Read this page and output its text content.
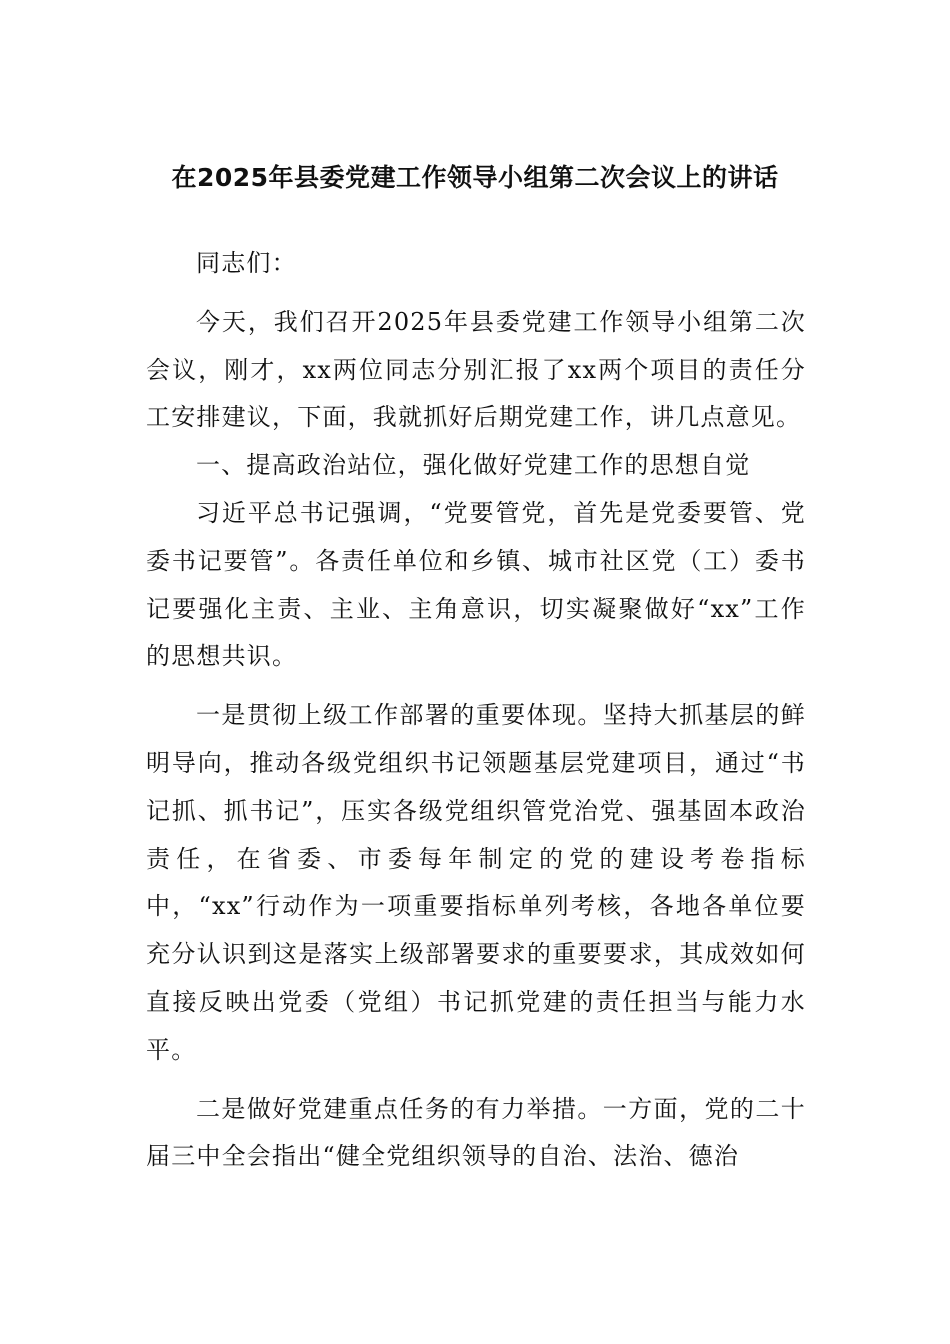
在2025年县委党建工作领导小组第二次会议上的讲话

同志们：

今天，我们召开2025年县委党建工作领导小组第二次会议，刚才，xx两位同志分别汇报了xx两个项目的责任分工安排建议，下面，我就抓好后期党建工作，讲几点意见。

一、提高政治站位，强化做好党建工作的思想自觉

习近平总书记强调，“党要管党，首先是党委要管、党委书记要管”。各责任单位和乡镇、城市社区党（工）委书记要强化主责、主业、主角意识，切实凝聚做好“xx”工作的思想共识。

一是贯彻上级工作部署的重要体现。坚持大抓基层的鲜明导向，推动各级党组织书记领题基层党建项目，通过“书记抓、抓书记”，压实各级党组织管党治党、强基固本政治责任，在省委、市委每年制定的党的建设考卷指标中，“xx”行动作为一项重要指标单列考核，各地各单位要充分认识到这是落实上级部署要求的重要要求，其成效如何直接反映出党委（党组）书记抓党建的责任担当与能力水平。

二是做好党建重点任务的有力举措。一方面，党的二十届三中全会指出“健全党组织领导的自治、法治、德治
